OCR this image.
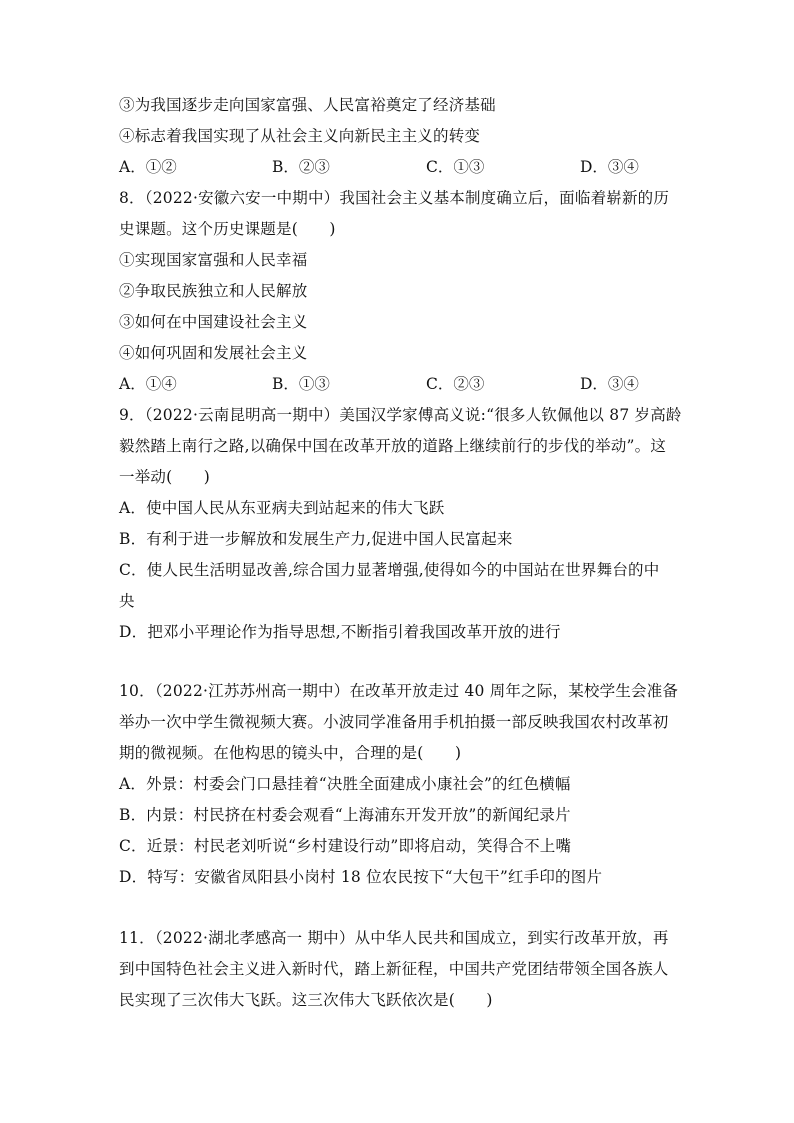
③为我国逐步走向国家富强、人民富裕奠定了经济基础
④标志着我国实现了从社会主义向新民主主义的转变
A．①②	B．②③	C．①③	D．③④
8．（2022·安徽六安一中期中）我国社会主义基本制度确立后，面临着崭新的历
史课题。这个历史课题是(　　)
①实现国家富强和人民幸福
②争取民族独立和人民解放
③如何在中国建设社会主义
④如何巩固和发展社会主义
A．①④	B．①③	C．②③	D．③④
9．（2022·云南昆明高一期中）美国汉学家傅高义说:“很多人钦佩他以 87 岁高龄
毅然踏上南行之路,以确保中国在改革开放的道路上继续前行的步伐的举动”。这
一举动(　　)
A．使中国人民从东亚病夫到站起来的伟大飞跃
B．有利于进一步解放和发展生产力,促进中国人民富起来
C．使人民生活明显改善,综合国力显著增强,使得如今的中国站在世界舞台的中
央
D．把邓小平理论作为指导思想,不断指引着我国改革开放的进行
10．（2022·江苏苏州高一期中）在改革开放走过 40 周年之际，某校学生会准备
举办一次中学生微视频大赛。小波同学准备用手机拍摄一部反映我国农村改革初
期的微视频。在他构思的镜头中，合理的是(　　)
A．外景：村委会门口悬挂着“决胜全面建成小康社会”的红色横幅
B．内景：村民挤在村委会观看“上海浦东开发开放”的新闻纪录片
C．近景：村民老刘听说“乡村建设行动”即将启动，笑得合不上嘴
D．特写：安徽省凤阳县小岗村 18 位农民按下“大包干”红手印的图片
11．（2022·湖北孝感高一 期中）从中华人民共和国成立，到实行改革开放，再
到中国特色社会主义进入新时代，踏上新征程，中国共产党团结带领全国各族人
民实现了三次伟大飞跃。这三次伟大飞跃依次是(　　)
